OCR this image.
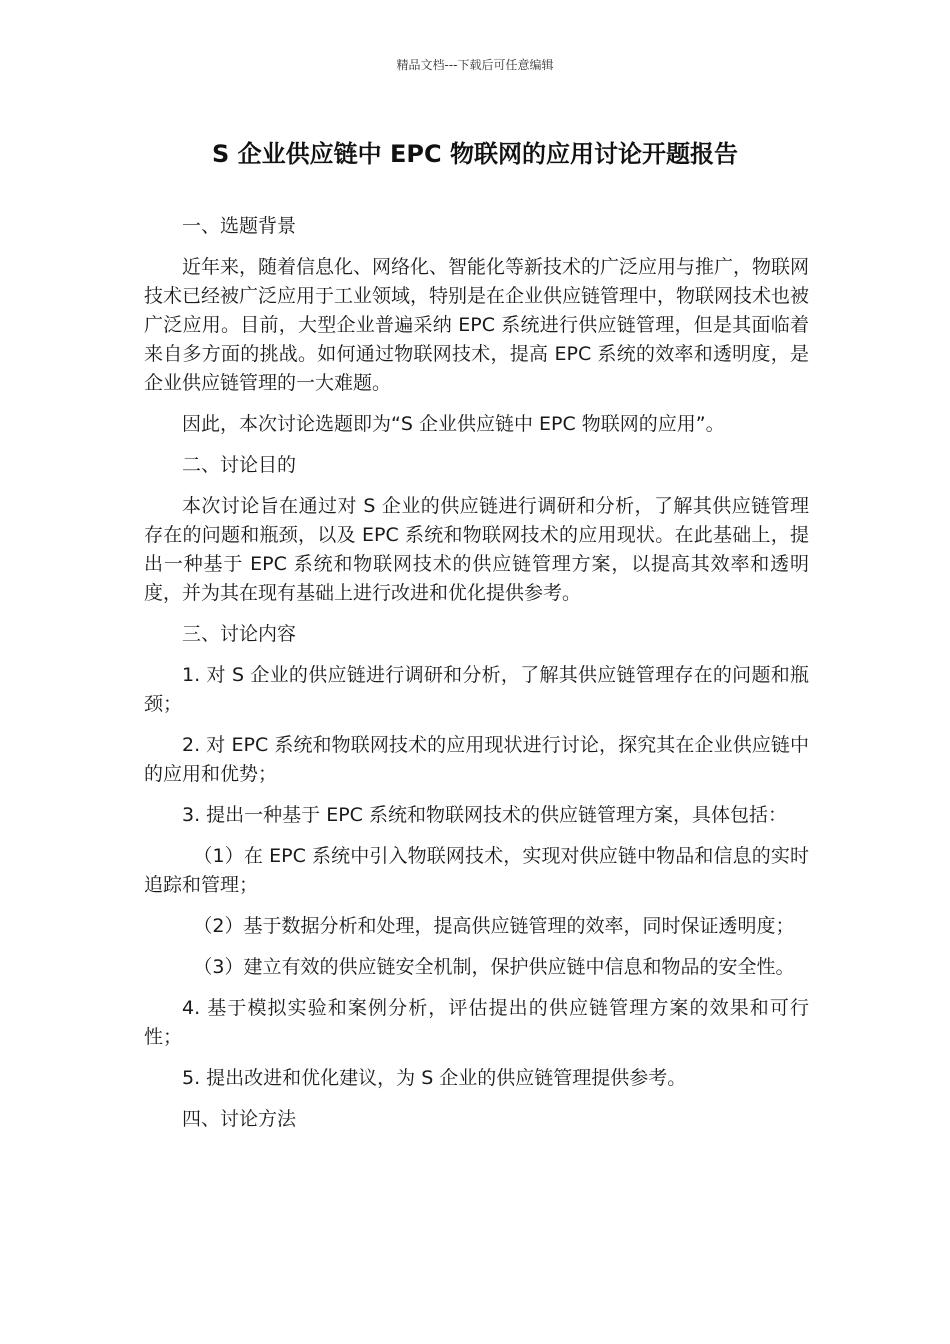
精品文档---下载后可任意编辑
S 企业供应链中 EPC 物联网的应用讨论开题报告

一、选题背景

近年来，随着信息化、网络化、智能化等新技术的广泛应用与推广，物联网技术已经被广泛应用于工业领域，特别是在企业供应链管理中，物联网技术也被广泛应用。目前，大型企业普遍采纳 EPC 系统进行供应链管理，但是其面临着来自多方面的挑战。如何通过物联网技术，提高 EPC 系统的效率和透明度，是企业供应链管理的一大难题。

因此，本次讨论选题即为“S 企业供应链中 EPC 物联网的应用”。

二、讨论目的

本次讨论旨在通过对 S 企业的供应链进行调研和分析，了解其供应链管理存在的问题和瓶颈，以及 EPC 系统和物联网技术的应用现状。在此基础上，提出一种基于 EPC 系统和物联网技术的供应链管理方案，以提高其效率和透明度，并为其在现有基础上进行改进和优化提供参考。

三、讨论内容

1. 对 S 企业的供应链进行调研和分析，了解其供应链管理存在的问题和瓶颈；

2. 对 EPC 系统和物联网技术的应用现状进行讨论，探究其在企业供应链中的应用和优势；

3. 提出一种基于 EPC 系统和物联网技术的供应链管理方案，具体包括：

（1）在 EPC 系统中引入物联网技术，实现对供应链中物品和信息的实时追踪和管理；

（2）基于数据分析和处理，提高供应链管理的效率，同时保证透明度；

（3）建立有效的供应链安全机制，保护供应链中信息和物品的安全性。

4. 基于模拟实验和案例分析，评估提出的供应链管理方案的效果和可行性；

5. 提出改进和优化建议，为 S 企业的供应链管理提供参考。

四、讨论方法
